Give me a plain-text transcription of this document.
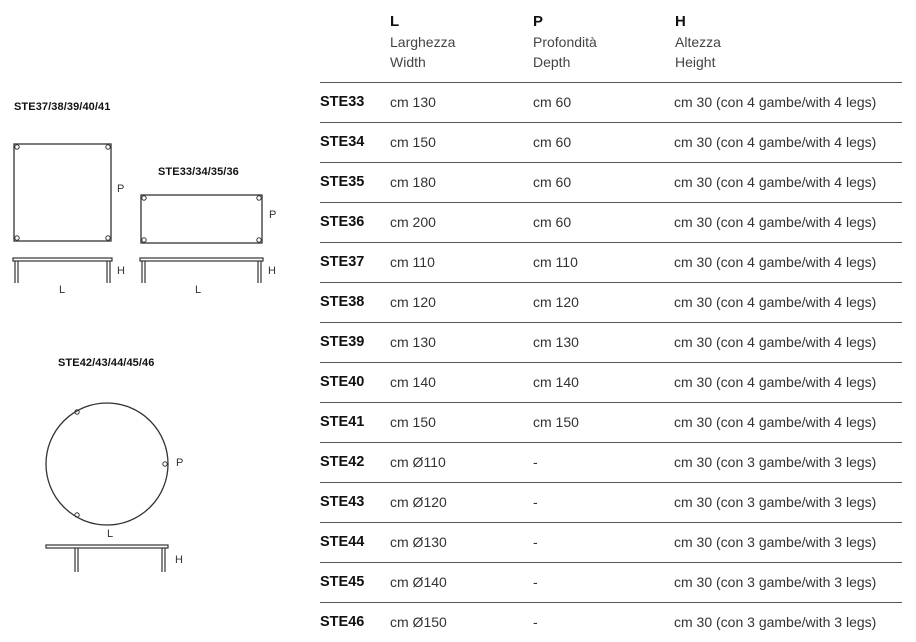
STE37/38/39/40/41
P
H
L
STE33/34/35/36
P
H
L
STE42/43/44/45/46
P
L
H
L
Larghezza
Width
P
Profondità
Depth
H
Altezza
Height
STE33 cm 130	cm 60	cm 30 (con 4 gambe/with 4 legs)
STE34 cm 150	cm 60	cm 30 (con 4 gambe/with 4 legs)
STE35 cm 180	cm 60	cm 30 (con 4 gambe/with 4 legs)
STE36 cm 200	cm 60	cm 30 (con 4 gambe/with 4 legs)
STE37 cm 110	cm 110	cm 30 (con 4 gambe/with 4 legs)
STE38 cm 120	cm 120	cm 30 (con 4 gambe/with 4 legs)
STE39 cm 130	cm 130	cm 30 (con 4 gambe/with 4 legs)
STE40 cm 140	cm 140	cm 30 (con 4 gambe/with 4 legs)
STE41 cm 150	cm 150	cm 30 (con 4 gambe/with 4 legs)
STE42 cm Ø110	-	cm 30 (con 3 gambe/with 3 legs)
STE43 cm Ø120	-	cm 30 (con 3 gambe/with 3 legs)
STE44 cm Ø130	-	cm 30 (con 3 gambe/with 3 legs)
STE45 cm Ø140	-	cm 30 (con 3 gambe/with 3 legs)
STE46 cm Ø150	-	cm 30 (con 3 gambe/with 3 legs)
